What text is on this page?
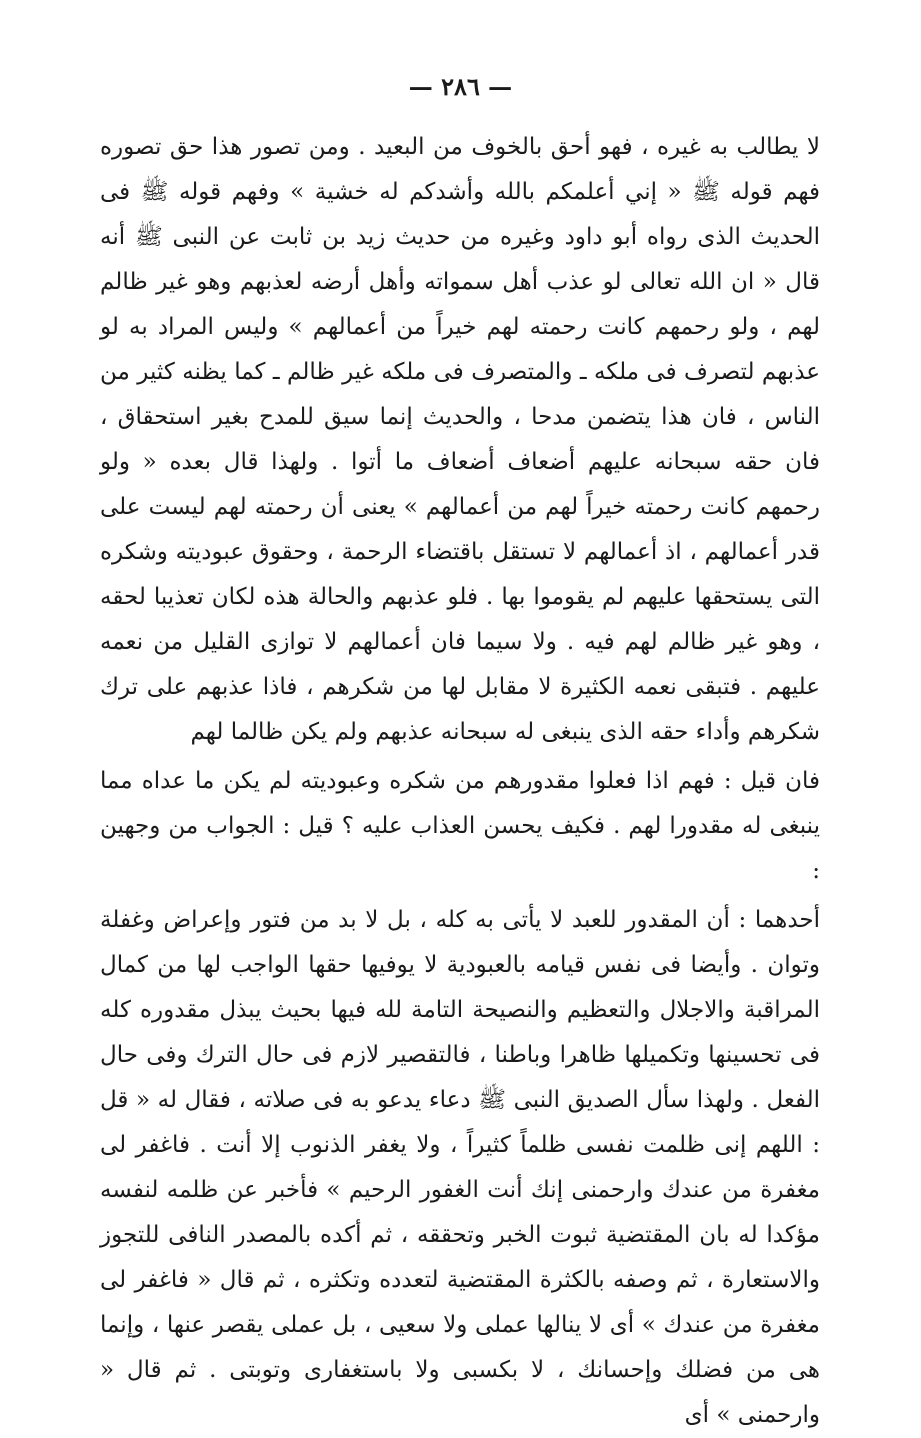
— ٢٨٦ —

لا يطالب به غيره ، فهو أحق بالخوف من البعيد . ومن تصور هذا حق تصوره فهم قوله ﷺ « إني أعلمكم بالله وأشدكم له خشية » وفهم قوله ﷺ فى الحديث الذى رواه أبو داود وغيره من حديث زيد بن ثابت عن النبى ﷺ أنه قال « ان الله تعالى لو عذب أهل سمواته وأهل أرضه لعذبهم وهو غير ظالم لهم ، ولو رحمهم كانت رحمته لهم خيراً من أعمالهم » وليس المراد به لو عذبهم لتصرف فى ملكه ـ والمتصرف فى ملكه غير ظالم ـ كما يظنه كثير من الناس ، فان هذا يتضمن مدحا ، والحديث إنما سيق للمدح بغير استحقاق ، فان حقه سبحانه عليهم أضعاف أضعاف ما أتوا . ولهذا قال بعده « ولو رحمهم كانت رحمته خيراً لهم من أعمالهم » يعنى أن رحمته لهم ليست على قدر أعمالهم ، اذ أعمالهم لا تستقل باقتضاء الرحمة ، وحقوق عبوديته وشكره التى يستحقها عليهم لم يقوموا بها . فلو عذبهم والحالة هذه لكان تعذيبا لحقه ، وهو غير ظالم لهم فيه . ولا سيما فان أعمالهم لا توازى القليل من نعمه عليهم . فتبقى نعمه الكثيرة لا مقابل لها من شكرهم ، فاذا عذبهم على ترك شكرهم وأداء حقه الذى ينبغى له سبحانه عذبهم ولم يكن ظالما لهم

فان قيل : فهم اذا فعلوا مقدورهم من شكره وعبوديته لم يكن ما عداه مما ينبغى له مقدورا لهم . فكيف يحسن العذاب عليه ؟ قيل : الجواب من وجهين :

أحدهما : أن المقدور للعبد لا يأتى به كله ، بل لا بد من فتور وإعراض وغفلة وتوان . وأيضا فى نفس قيامه بالعبودية لا يوفيها حقها الواجب لها من كمال المراقبة والاجلال والتعظيم والنصيحة التامة لله فيها بحيث يبذل مقدوره كله فى تحسينها وتكميلها ظاهرا وباطنا ، فالتقصير لازم فى حال الترك وفى حال الفعل . ولهذا سأل الصديق النبى ﷺ دعاء يدعو به فى صلاته ، فقال له « قل : اللهم إنى ظلمت نفسى ظلماً كثيراً ، ولا يغفر الذنوب إلا أنت . فاغفر لى مغفرة من عندك وارحمنى إنك أنت الغفور الرحيم » فأخبر عن ظلمه لنفسه مؤكدا له بان المقتضية ثبوت الخبر وتحققه ، ثم أكده بالمصدر النافى للتجوز والاستعارة ، ثم وصفه بالكثرة المقتضية لتعدده وتكثره ، ثم قال « فاغفر لى مغفرة من عندك » أى لا ينالها عملى ولا سعيى ، بل عملى يقصر عنها ، وإنما هى من فضلك وإحسانك ، لا بكسبى ولا باستغفارى وتوبتى . ثم قال « وارحمنى » أى
